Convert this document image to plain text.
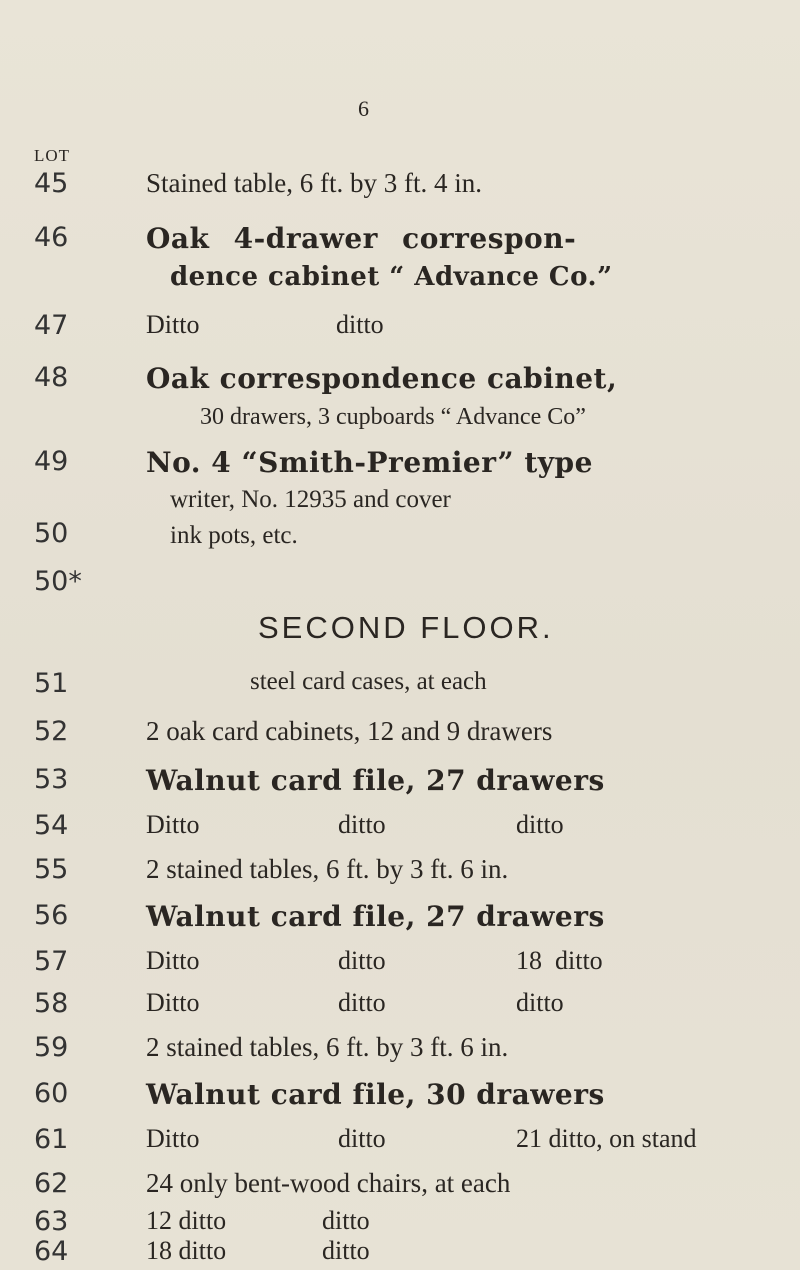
6
LOT
45	Stained table, 6 ft. by 3 ft. 4 in.
46	Oak 4-drawer correspon-
dence cabinet “ Advance Co.”
47	Ditto	ditto
48	Oak correspondence cabinet,
30 drawers, 3 cupboards “ Advance Co”
49	No. 4 “Smith-Premier” type
writer, No. 12935 and cover
50	ink pots, etc.
50*
SECOND FLOOR.
51	steel card cases, at each
52	2 oak card cabinets, 12 and 9 drawers
53	Walnut card file, 27 drawers
54	Ditto	ditto	ditto
55	2 stained tables, 6 ft. by 3 ft. 6 in.
56	Walnut card file, 27 drawers
57	Ditto	ditto	18  ditto
58	Ditto	ditto	ditto
59	2 stained tables, 6 ft. by 3 ft. 6 in.
60	Walnut card file, 30 drawers
61	Ditto	ditto	21 ditto, on stand
62	24 only bent-wood chairs, at each
63	12 ditto	ditto
64	18 ditto	ditto
